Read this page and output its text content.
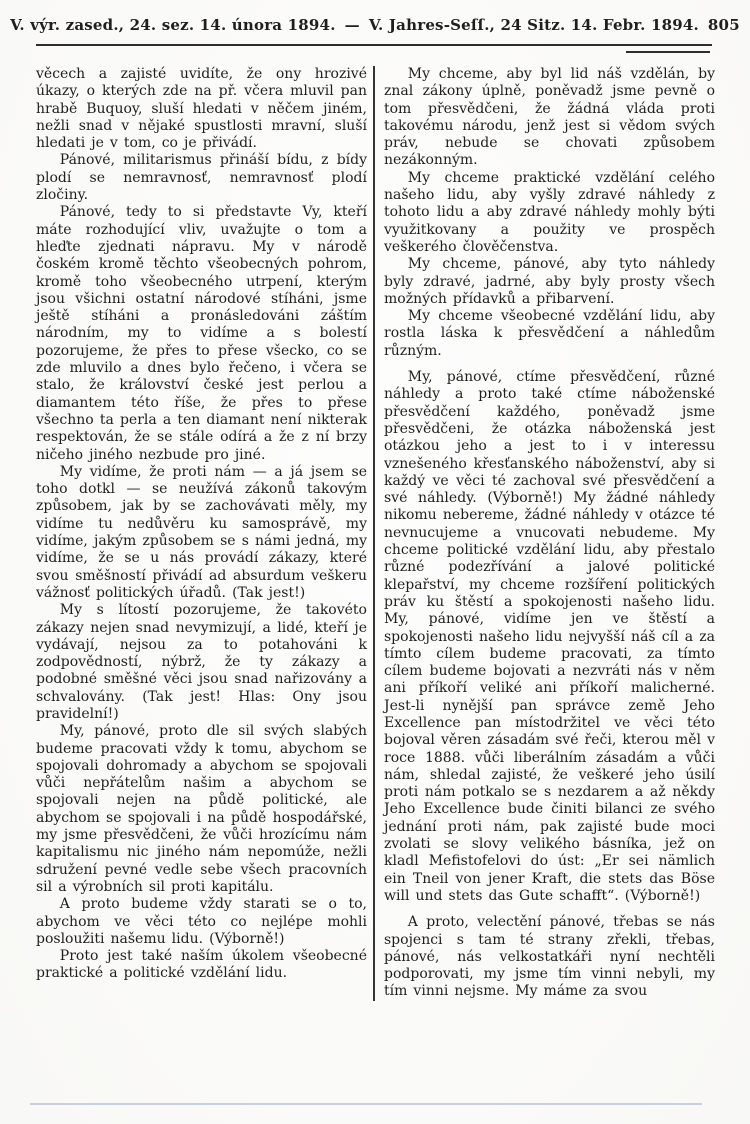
V. výr. zased., 24. sez. 14. února 1894. — V. Jahres-Seſſ., 24 Sitz. 14. Febr. 1894. 805

věcech a zajisté uvidíte, že ony hrozivé úkazy, o kterých zde na př. včera mluvil pan hrabě Buquoy, sluší hledati v něčem jiném, nežli snad v nějaké spustlosti mravní, sluší hledati je v tom, co je přivádí.

Pánové, militarismus přináší bídu, z bídy plodí se nemravnosť, nemravnosť plodí zločiny.

Pánové, tedy to si představte Vy, kteří máte rozhodující vliv, uvažujte o tom a hleďte zjednati nápravu. My v národě čoském kromě těchto všeobecných pohrom, kromě toho všeobecného utrpení, kterým jsou všichni ostatní národové stíháni, jsme ještě stíháni a pronásledováni záštím národním, my to vidíme a s bolestí pozorujeme, že přes to přese všecko, co se zde mluvilo a dnes bylo řečeno, i včera se stalo, že království české jest perlou a diamantem této říše, že přes to přese všechno ta perla a ten diamant není nikterak respektován, že se stále odírá a že z ní brzy ničeho jiného nezbude pro jiné.

My vidíme, že proti nám — a já jsem se toho dotkl — se neužívá zákonů takovým způsobem, jak by se zachovávati měly, my vidíme tu nedůvěru ku samosprávě, my vidíme, jakým způsobem se s námi jedná, my vidíme, že se u nás provádí zákazy, které svou směšností přivádí ad absurdum veškeru vážnosť politických úřadů. (Tak jest!)

My s lítostí pozorujeme, že takovéto zákazy nejen snad nevymizují, a lidé, kteří je vydávají, nejsou za to potahováni k zodpovědností, nýbrž, že ty zákazy a podobné směšné věci jsou snad nařizovány a schvalovány. (Tak jest! Hlas: Ony jsou pravidelní!)

My, pánové, proto dle sil svých slabých budeme pracovati vždy k tomu, abychom se spojovali dohromady a abychom se spojovali vůči nepřátelům našim a abychom se spojovali nejen na půdě politické, ale abychom se spojovali i na půdě hospodářské, my jsme přesvědčeni, že vůči hrozícímu nám kapitalismu nic jiného nám nepomúže, nežli sdružení pevné vedle sebe všech pracovních sil a výrobních sil proti kapitálu.

A proto budeme vždy starati se o to, abychom ve věci této co nejlépe mohli posloužiti našemu lidu. (Výborně!)

Proto jest také naším úkolem všeobecné praktické a politické vzdělání lidu.

My chceme, aby byl lid náš vzdělán, by znal zákony úplně, poněvadž jsme pevně o tom přesvědčeni, že žádná vláda proti takovému národu, jenž jest si vědom svých práv, nebude se chovati způsobem nezákonným.

My chceme praktické vzdělání celého našeho lidu, aby vyšly zdravé náhledy z tohoto lidu a aby zdravé náhledy mohly býti využitkovany a použity ve prospěch veškerého člověčenstva.

My chceme, pánové, aby tyto náhledy byly zdravé, jadrné, aby byly prosty všech možných přídavků a přibarvení.

My chceme všeobecné vzdělání lidu, aby rostla láska k přesvědčení a náhledům různým.

My, pánové, ctíme přesvědčení, různé náhledy a proto také ctíme náboženské přesvědčení každého, poněvadž jsme přesvědčeni, že otázka náboženská jest otázkou jeho a jest to i v interessu vznešeného křesťanského náboženství, aby si každý ve věci té zachoval své přesvědčení a své náhledy. (Výborně!) My žádné náhledy nikomu nebereme, žádné náhledy v otázce té nevnucujeme a vnucovati nebudeme. My chceme politické vzdělání lidu, aby přestalo různé podezřívání a jalové politické klepařství, my chceme rozšíření politických práv ku štěstí a spokojenosti našeho lidu. My, pánové, vidíme jen ve štěstí a spokojenosti našeho lidu nejvyšší náš cíl a za tímto cílem budeme pracovati, za tímto cílem budeme bojovati a nezvráti nás v něm ani příkoří veliké ani příkoří malicherné. Jest-li nynější pan správce země Jeho Excellence pan místodržitel ve věci této bojoval věren zásadám své řeči, kterou měl v roce 1888. vůči liberálním zásadám a vůči nám, shledal zajisté, že veškeré jeho úsilí proti nám potkalo se s nezdarem a až někdy Jeho Excellence bude činiti bilanci ze svého jednání proti nám, pak zajisté bude moci zvolati se slovy velikého básníka, jež on kladl Mefistofelovi do úst: „Er sei nämlich ein Tneil von jener Kraft, die stets das Böse will und stets das Gute schafft“. (Výborně!)

A proto, velectění pánové, třebas se nás spojenci s tam té strany zřekli, třebas, pánové, nás velkostatkáři nyní nechtěli podporovati, my jsme tím vinni nebyli, my tím vinni nejsme. My máme za svou
